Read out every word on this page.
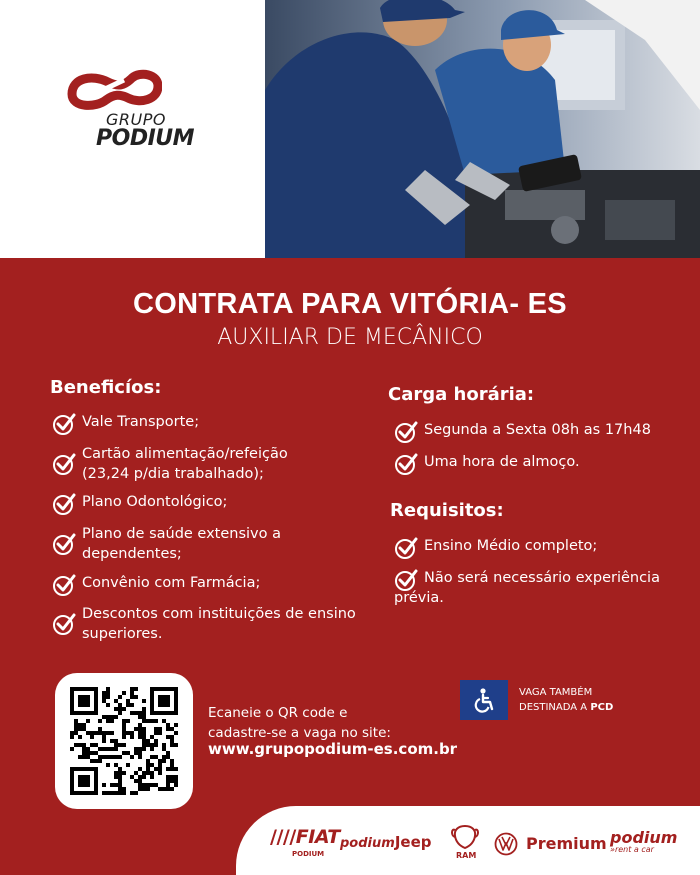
GRUPO
PODIUM
CONTRATA PARA VITÓRIA- ES
AUXILIAR DE MECÂNICO
Beneficíos:
Vale Transporte;
Cartão alimentação/refeição
(23,24 p/dia trabalhado);
Plano Odontológico;
Plano de saúde extensivo a
dependentes;
Convênio com Farmácia;
Descontos com instituições de ensino
superiores.
Carga horária:
Segunda a Sexta 08h as 17h48
Uma hora de almoço.
Requisitos:
Ensino Médio completo;
Não será necessário experiência
prévia.
Ecaneie o QR code e
cadastre-se a vaga no site:
www.grupopodium-es.com.br
VAGA TAMBÉM
DESTINADA A PCD
////FIAT
PODIUM
podiumJeep
RAM
Premium podium
»rent a car
